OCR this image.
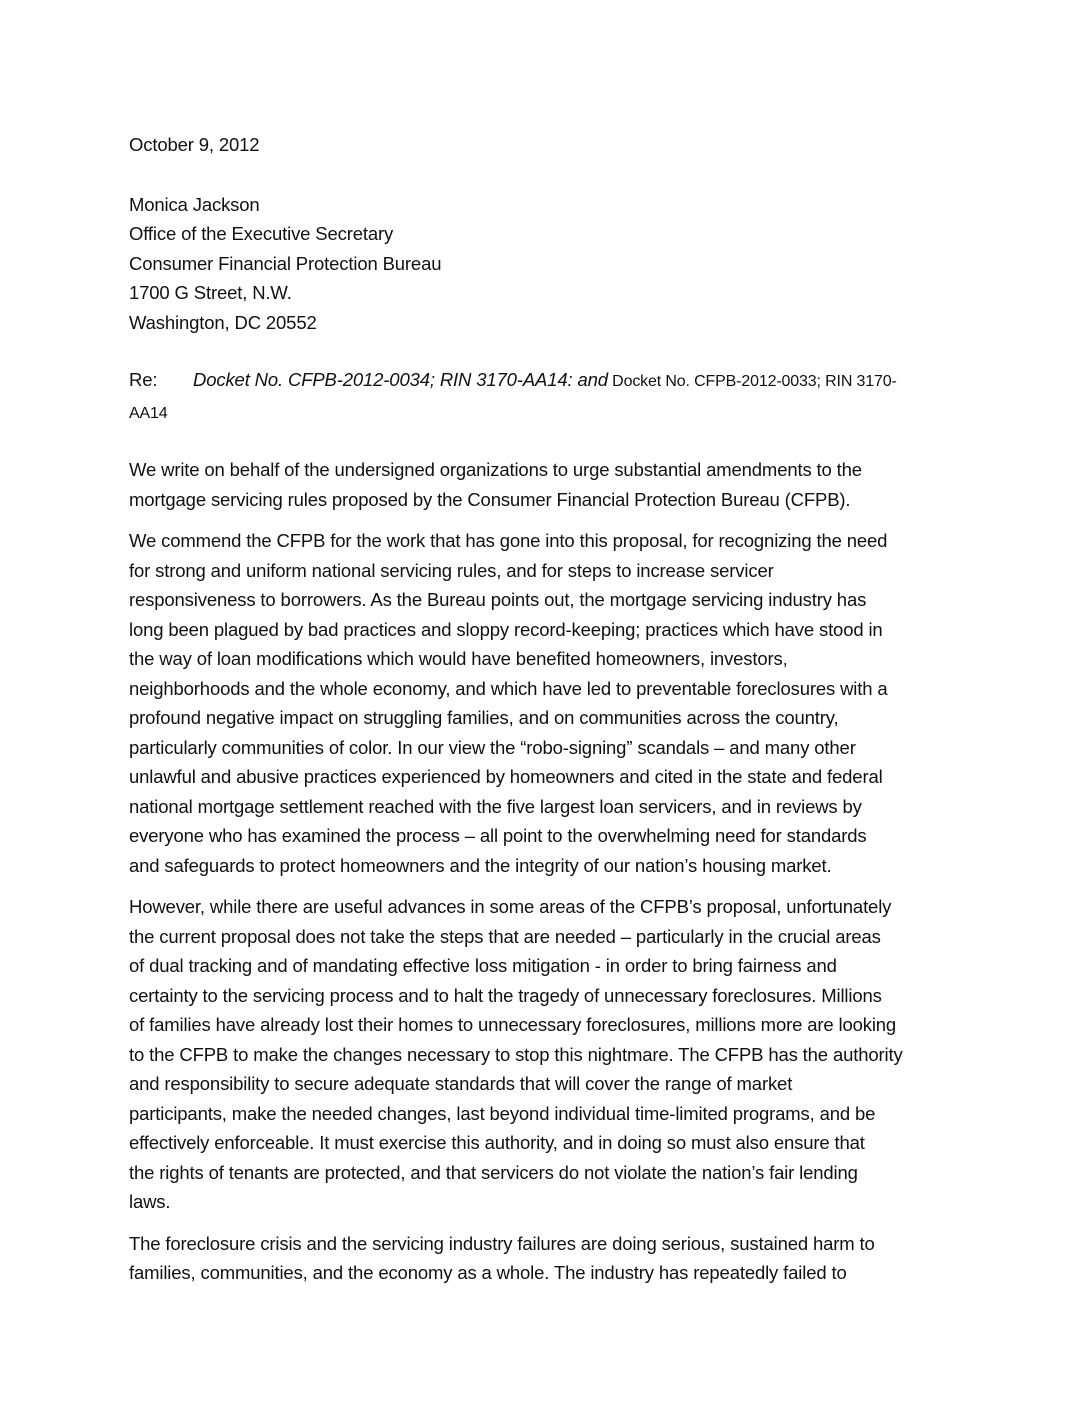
October 9, 2012
Monica Jackson
Office of the Executive Secretary
Consumer Financial Protection Bureau
1700 G Street, N.W.
Washington, DC 20552
Re: Docket No. CFPB-2012-0034; RIN 3170-AA14: and Docket No. CFPB-2012-0033; RIN 3170-
AA14
We write on behalf of the undersigned organizations to urge substantial amendments to the
mortgage servicing rules proposed by the Consumer Financial Protection Bureau (CFPB).
We commend the CFPB for the work that has gone into this proposal, for recognizing the need
for strong and uniform national servicing rules, and for steps to increase servicer
responsiveness to borrowers. As the Bureau points out, the mortgage servicing industry has
long been plagued by bad practices and sloppy record-keeping; practices which have stood in
the way of loan modifications which would have benefited homeowners, investors,
neighborhoods and the whole economy, and which have led to preventable foreclosures with a
profound negative impact on struggling families, and on communities across the country,
particularly communities of color. In our view the “robo-signing” scandals – and many other
unlawful and abusive practices experienced by homeowners and cited in the state and federal
national mortgage settlement reached with the five largest loan servicers, and in reviews by
everyone who has examined the process – all point to the overwhelming need for standards
and safeguards to protect homeowners and the integrity of our nation’s housing market.
However, while there are useful advances in some areas of the CFPB’s proposal, unfortunately
the current proposal does not take the steps that are needed – particularly in the crucial areas
of dual tracking and of mandating effective loss mitigation - in order to bring fairness and
certainty to the servicing process and to halt the tragedy of unnecessary foreclosures. Millions
of families have already lost their homes to unnecessary foreclosures, millions more are looking
to the CFPB to make the changes necessary to stop this nightmare. The CFPB has the authority
and responsibility to secure adequate standards that will cover the range of market
participants, make the needed changes, last beyond individual time-limited programs, and be
effectively enforceable. It must exercise this authority, and in doing so must also ensure that
the rights of tenants are protected, and that servicers do not violate the nation’s fair lending
laws.
The foreclosure crisis and the servicing industry failures are doing serious, sustained harm to
families, communities, and the economy as a whole. The industry has repeatedly failed to
